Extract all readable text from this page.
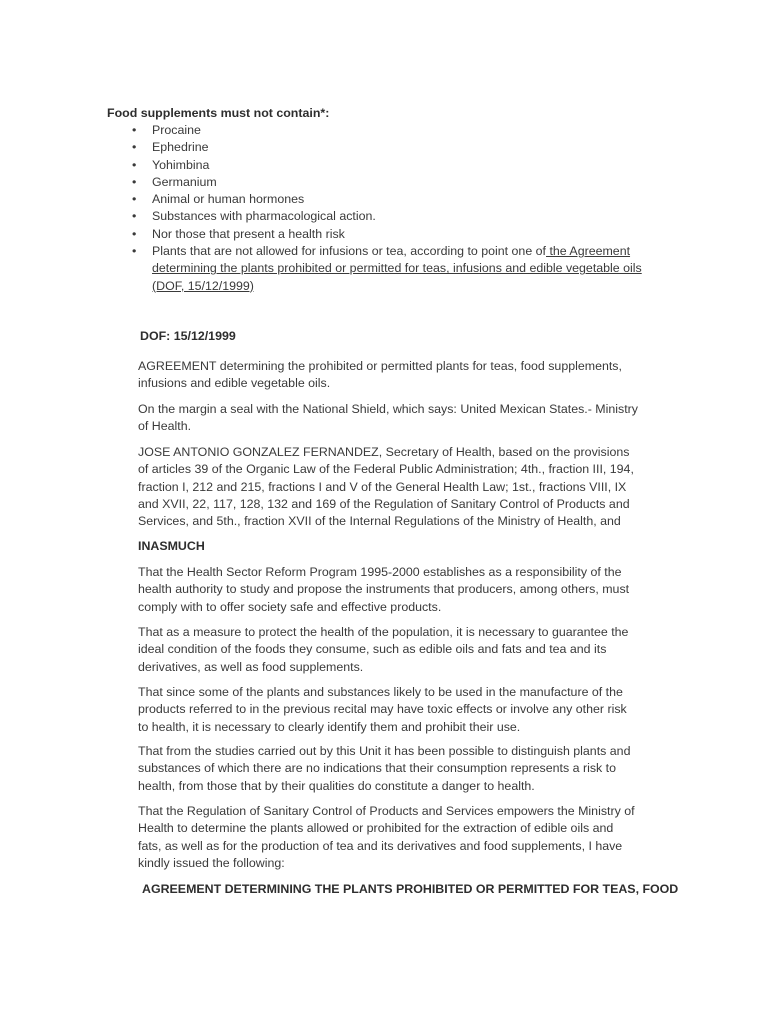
Food supplements must not contain*:
• Procaine
• Ephedrine
• Yohimbina
• Germanium
• Animal or human hormones
• Substances with pharmacological action.
• Nor those that present a health risk
• Plants that are not allowed for infusions or tea, according to point one of the Agreement determining the plants prohibited or permitted for teas, infusions and edible vegetable oils (DOF, 15/12/1999)
DOF: 15/12/1999

AGREEMENT determining the prohibited or permitted plants for teas, food supplements, infusions and edible vegetable oils.

On the margin a seal with the National Shield, which says: United Mexican States.- Ministry of Health.

JOSE ANTONIO GONZALEZ FERNANDEZ, Secretary of Health, based on the provisions of articles 39 of the Organic Law of the Federal Public Administration; 4th., fraction III, 194, fraction I, 212 and 215, fractions I and V of the General Health Law; 1st., fractions VIII, IX and XVII, 22, 117, 128, 132 and 169 of the Regulation of Sanitary Control of Products and Services, and 5th., fraction XVII of the Internal Regulations of the Ministry of Health, and

INASMUCH

That the Health Sector Reform Program 1995-2000 establishes as a responsibility of the health authority to study and propose the instruments that producers, among others, must comply with to offer society safe and effective products.

That as a measure to protect the health of the population, it is necessary to guarantee the ideal condition of the foods they consume, such as edible oils and fats and tea and its derivatives, as well as food supplements.

That since some of the plants and substances likely to be used in the manufacture of the products referred to in the previous recital may have toxic effects or involve any other risk to health, it is necessary to clearly identify them and prohibit their use.

That from the studies carried out by this Unit it has been possible to distinguish plants and substances of which there are no indications that their consumption represents a risk to health, from those that by their qualities do constitute a danger to health.

That the Regulation of Sanitary Control of Products and Services empowers the Ministry of Health to determine the plants allowed or prohibited for the extraction of edible oils and fats, as well as for the production of tea and its derivatives and food supplements, I have kindly issued the following:

AGREEMENT DETERMINING THE PLANTS PROHIBITED OR PERMITTED FOR TEAS, FOOD
